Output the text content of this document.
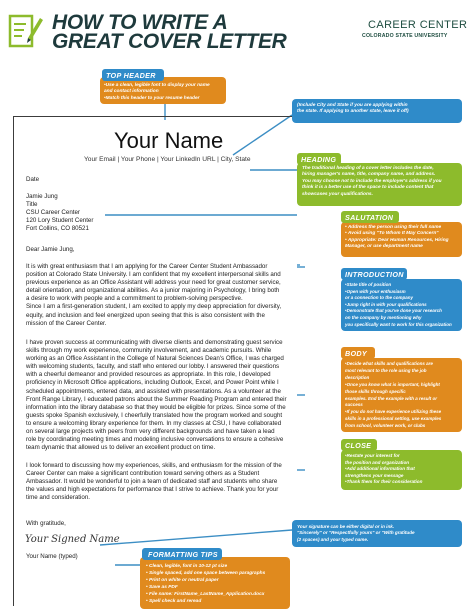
HOW TO WRITE A
GREAT COVER LETTER
CAREER CENTER
COLORADO STATE UNIVERSITY
Your Name
Your Email | Your Phone | Your LinkedIn URL | City, State
Date
Jamie Jung
Title
CSU Career Center
120 Lory Student Center
Fort Collins, CO 80521
Dear Jamie Jung,
It is with great enthusiasm that I am applying for the Career Center Student Ambassador
position at Colorado State University. I am confident that my excellent interpersonal skills and
previous experience as an Office Assistant will address your need for great customer service,
detail orientation, and organizational abilities. As a junior majoring in Psychology, I bring both
a desire to work with people and a commitment to problem-solving perspective.
Since I am a first-generation student, I am excited to apply my deep appreciation for diversity,
equity, and inclusion and feel energized upon seeing that this is also consistent with the
mission of the Career Center.
I have proven success at communicating with diverse clients and demonstrating guest service
skills through my work experience, community involvement, and academic pursuits. While
working as an Office Assistant in the College of Natural Sciences Dean's Office, I was charged
with welcoming students, faculty, and staff who entered our lobby. I answered their questions
with a cheerful demeanor and provided resources as appropriate. In this role, I developed
proficiency in Microsoft Office applications, including Outlook, Excel, and Power Point while I
scheduled appointments, entered data, and assisted with presentations. As a volunteer at the
Front Range Library, I educated patrons about the Summer Reading Program and entered their
information into the library database so that they would be eligible for prizes. Since some of the
guests spoke Spanish exclusively, I cheerfully translated how the program worked and sought
to ensure a welcoming library experience for them. In my classes at CSU, I have collaborated
on several large projects with peers from very different backgrounds and have taken a lead
role by coordinating meeting times and modeling inclusive conversations to ensure a cohesive
team dynamic that allowed us to deliver an excellent product on time.
I look forward to discussing how my experiences, skills, and enthusiasm for the mission of the
Career Center can make a significant contribution toward serving others as a Student
Ambassador. It would be wonderful to join a team of dedicated staff and students who share
the values and high expectations for performance that I strive to achieve. Thank you for your
time and consideration.
With gratitude,
Your Signed Name
Your Name (typed)
TOP HEADER
•Use a clean, legible font to display your name
and contact information
•Match this header to your resume header
(Include City and State if you are applying within
the state. If applying to another state, leave it off)
HEADING
The traditional heading of a cover letter includes the date,
hiring manager's name, title, company name, and address.
You may choose not to include the employer's address if you
think it is a better use of the space to include content that
showcases your qualifications.
SALUTATION
• Address the person using their full name
• Avoid using "To Whom It May Concern"
• Appropriate: Dear Human Resources, Hiring
Manager, or use department name
INTRODUCTION
•State title of position
•Open with your enthusiasm
or a connection to the company
•Jump right in with your qualifications
•Demonstrate that you've done your research
on the company by mentioning why
you specifically want to work for this organization
BODY
•Decide what skills and qualifications are
most relevant to the role using the job
description
•Once you know what is important, highlight
those skills through specific
examples. End the example with a result or
success
•If you do not have experience utilizing these
skills in a professional setting, use examples
from school, volunteer work, or clubs
CLOSE
•Restate your interest for
the position and organization
•Add additional information that
strengthens your message
•Thank them for their consideration
Your signature can be either digital or in ink.
"Sincerely" or "Respectfully yours" or "With gratitude
(2 spaces) and your typed name.
FORMATTING TIPS
• Clean, legible, font in 10-12 pt size
• Single spaced, add one space between paragraphs
• Print on white or neutral paper
• Save as PDF
• File name: FirstName_LastName_Application.docx
• Spell check and reread
